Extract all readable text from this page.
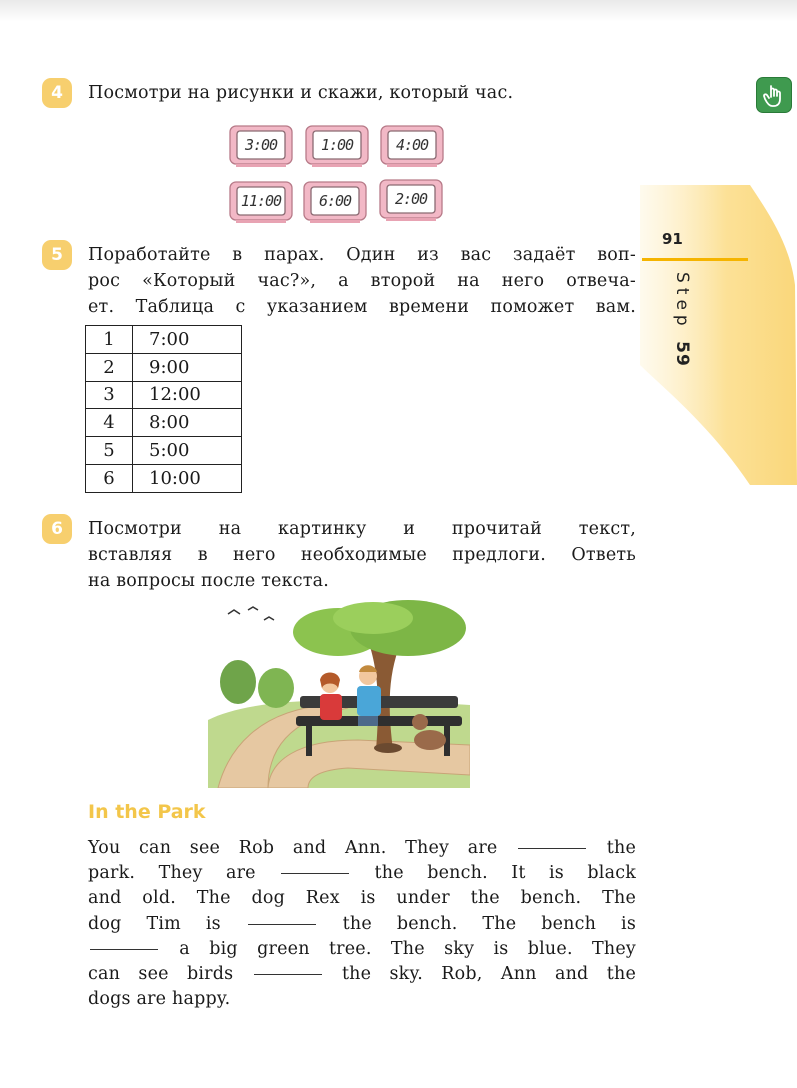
91
Step 59
4	Посмотри на рисунки и скажи, который час.

3:00	1:00	4:00
11:00	6:00	2:00
5	Поработайте в парах. Один из вас задаёт воп-
рос «Который час?», а второй на него отвеча-
ет. Таблица с указанием времени поможет вам.
1	7:00
2	9:00
3	12:00
4	8:00
5	5:00
6	10:00
6	Посмотри на картинку и прочитай текст,
вставляя в него необходимые предлоги. Ответь
на вопросы после текста.
In the Park
You can see Rob and Ann. They are	the
park. They are	the bench. It is black
and old. The dog Rex is under the bench. The
dog Tim is	the bench. The bench is
a big green tree. The sky is blue. They
can see birds	the sky. Rob, Ann and the
dogs are happy.
